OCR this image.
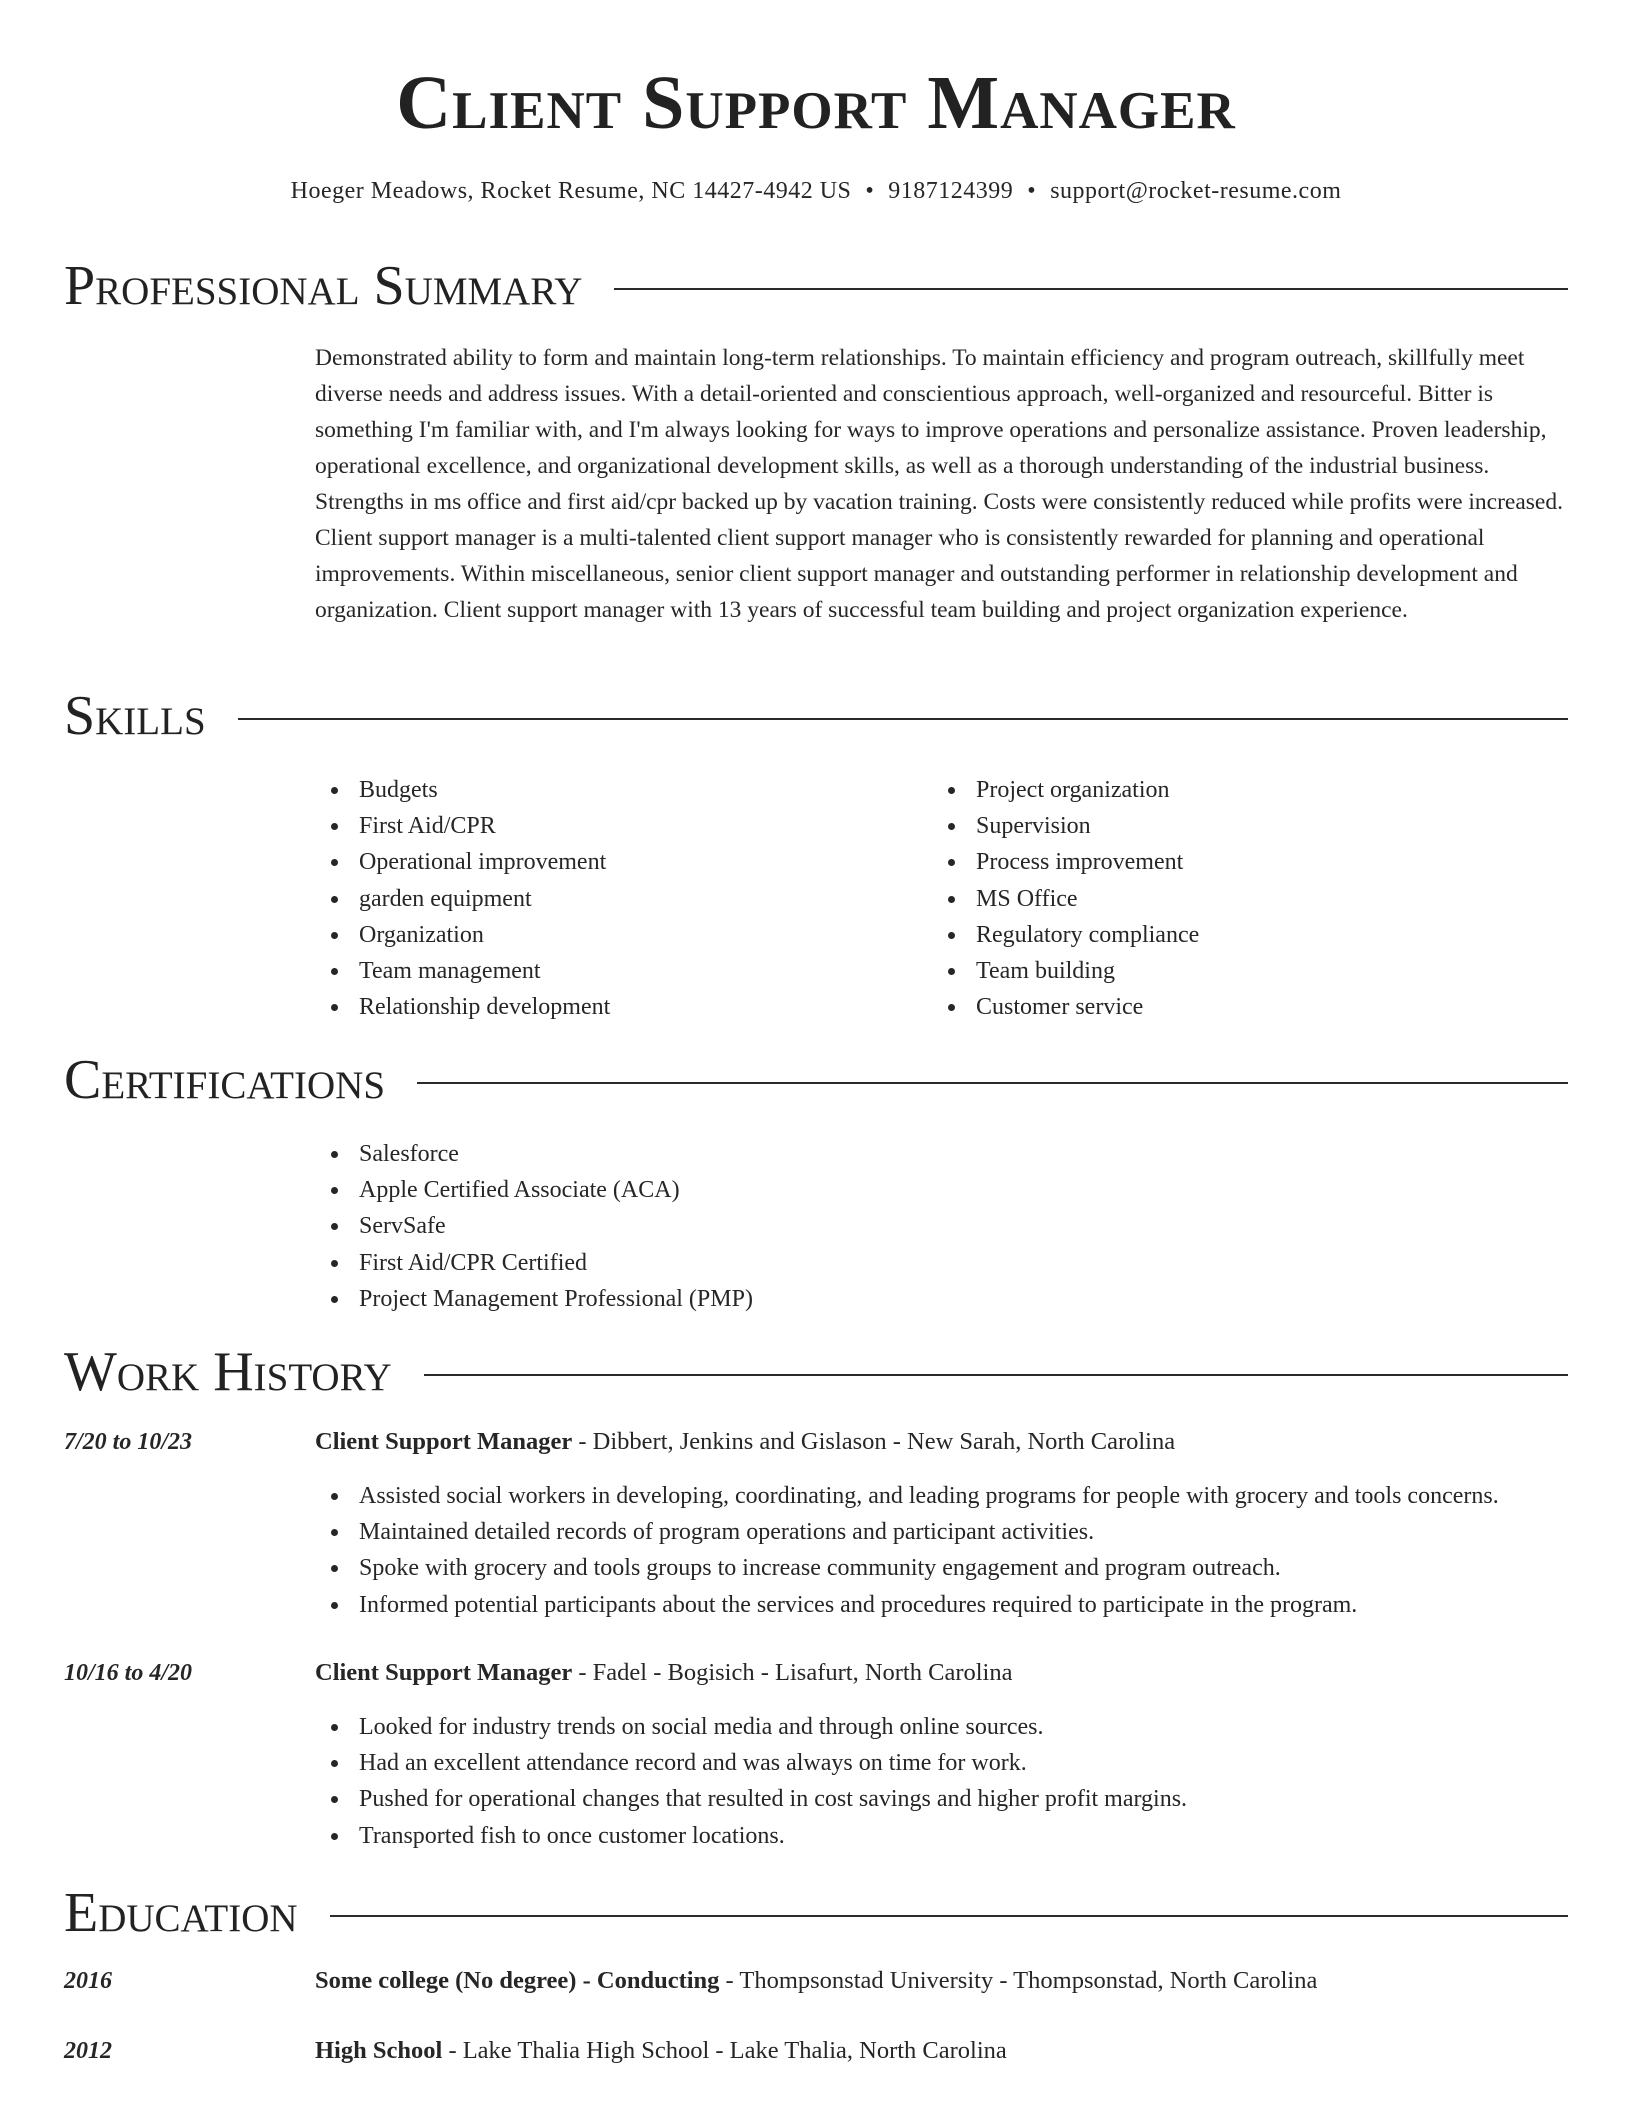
Client Support Manager
Hoeger Meadows, Rocket Resume, NC 14427-4942 US • 9187124399 • support@rocket-resume.com
Professional Summary

Demonstrated ability to form and maintain long-term relationships. To maintain efficiency and program outreach, skillfully meet diverse needs and address issues. With a detail-oriented and conscientious approach, well-organized and resourceful. Bitter is something I'm familiar with, and I'm always looking for ways to improve operations and personalize assistance. Proven leadership, operational excellence, and organizational development skills, as well as a thorough understanding of the industrial business. Strengths in ms office and first aid/cpr backed up by vacation training. Costs were consistently reduced while profits were increased. Client support manager is a multi-talented client support manager who is consistently rewarded for planning and operational improvements. Within miscellaneous, senior client support manager and outstanding performer in relationship development and organization. Client support manager with 13 years of successful team building and project organization experience.

Skills
Budgets
First Aid/CPR
Operational improvement
garden equipment
Organization
Team management
Relationship development
Project organization
Supervision
Process improvement
MS Office
Regulatory compliance
Team building
Customer service
Certifications
Salesforce
Apple Certified Associate (ACA)
ServSafe
First Aid/CPR Certified
Project Management Professional (PMP)
Work History
7/20 to 10/23	Client Support Manager - Dibbert, Jenkins and Gislason - New Sarah, North Carolina
Assisted social workers in developing, coordinating, and leading programs for people with grocery and tools concerns.
Maintained detailed records of program operations and participant activities.
Spoke with grocery and tools groups to increase community engagement and program outreach.
Informed potential participants about the services and procedures required to participate in the program.
10/16 to 4/20	Client Support Manager - Fadel - Bogisich - Lisafurt, North Carolina
Looked for industry trends on social media and through online sources.
Had an excellent attendance record and was always on time for work.
Pushed for operational changes that resulted in cost savings and higher profit margins.
Transported fish to once customer locations.
Education
2016	Some college (No degree) - Conducting - Thompsonstad University - Thompsonstad, North Carolina
2012	High School - Lake Thalia High School - Lake Thalia, North Carolina
